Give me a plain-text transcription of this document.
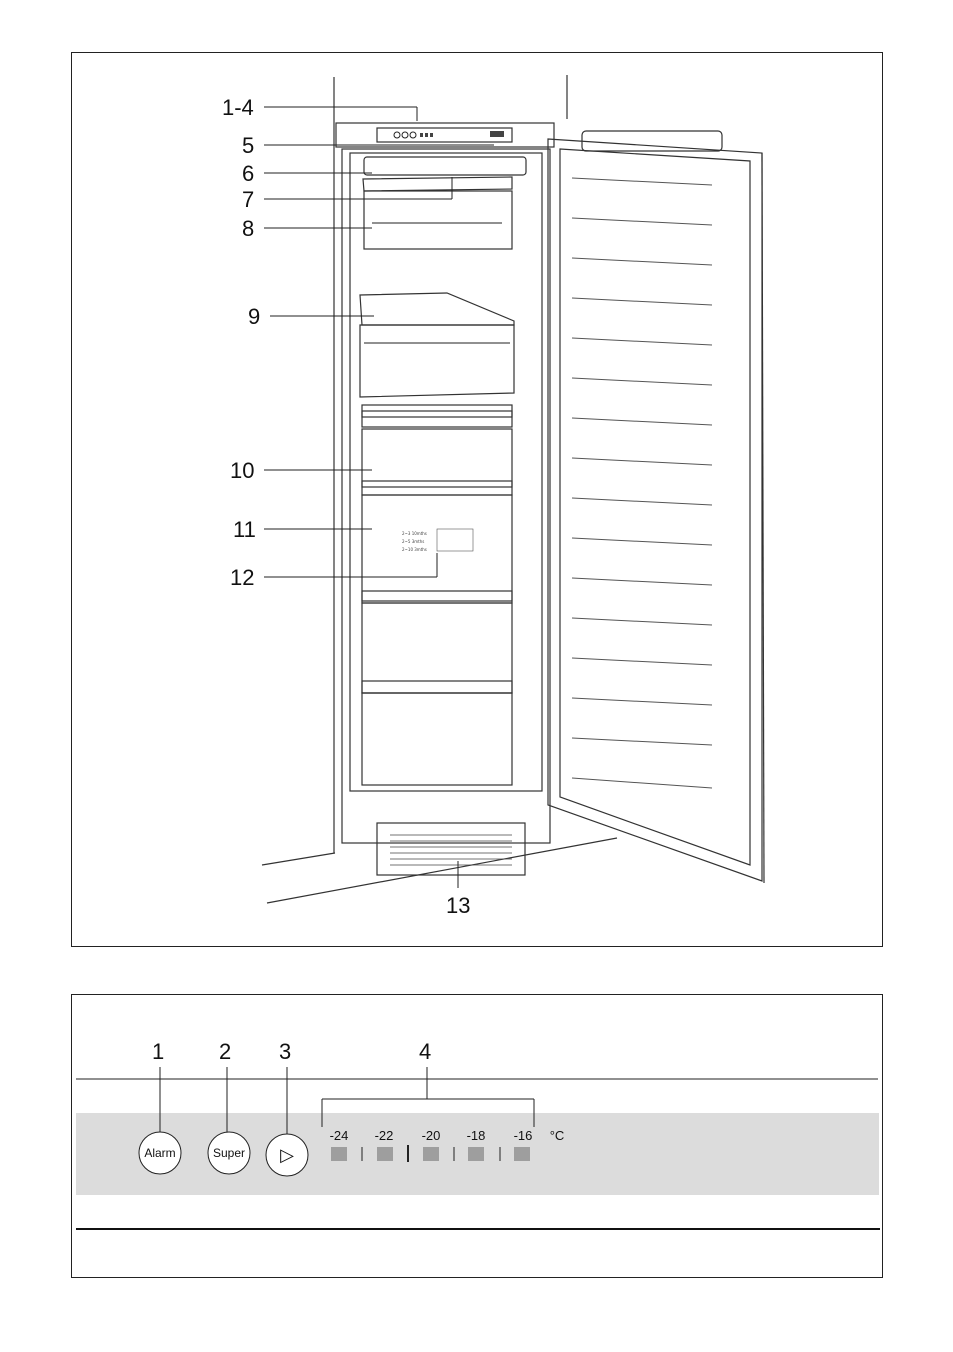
2~3 10mths
2~5 3mths
2~10 3mths
1-4
5
6
7
8
9
10
11
12
13
1 2 3	4
Alarm	Super ▷
-24 -22 -20 -18 -16 °C
